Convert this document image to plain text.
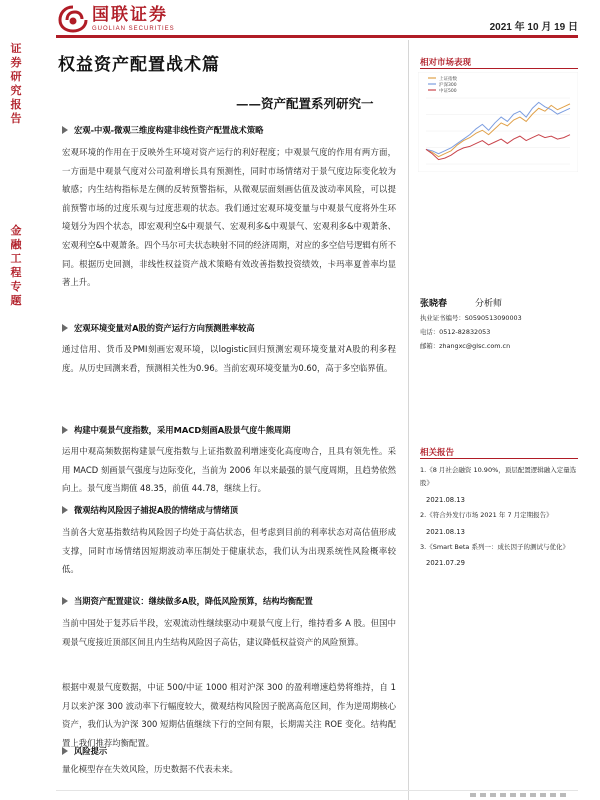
国联证券
GUOLIAN SECURITIES	2021 年 10 月 19 日
证
券
研
究
报
告
金
融
工
程
专
题
权益资产配置战术篇
——资产配置系列研究一
宏观-中观-微观三维度构建非线性资产配置战术策略
宏观环境的作用在于反映外生环境对资产运行的利好程度；中观景气度的作用有两方面，一方面是中观景气度对公司盈利增长具有预测性，同时市场情绪对于景气度边际变化较为敏感；内生结构指标是左侧的反转预警指标，从微观层面刻画估值及波动率风险，可以提前预警市场的过度乐观与过度悲观的状态。我们通过宏观环境变量与中观景气度将外生环境划分为四个状态，即宏观利空&中观景气、宏观利多&中观景气、宏观利多&中观萧条、宏观利空&中观萧条。四个马尔可夫状态映射不同的经济周期，对应的多空信号逻辑有所不同。根据历史回测，非线性权益资产战术策略有效改善指数投资绩效，卡玛率夏普率均显著上升。
宏观环境变量对A股的资产运行方向预测胜率较高
通过信用、货币及PMI刻画宏观环境，以logistic回归预测宏观环境变量对A股的利多程度。从历史回测来看，预测相关性为0.96。当前宏观环境变量为0.60，高于多空临界值。
构建中观景气度指数，采用MACD刻画A股景气度牛熊周期
运用中观高频数据构建景气度指数与上证指数盈利增速变化高度吻合，且具有领先性。采用 MACD 刻画景气强度与边际变化，当前为 2006 年以来最强的景气度周期，且趋势依然向上。景气度当期值 48.35，前值 44.78，继续上行。
微观结构风险因子捕捉A股的情绪成与情绪顶
当前各大宽基指数结构风险因子均处于高估状态，但考虑到目前的利率状态对高估值形成支撑，同时市场情绪因短期波动率压制处于健康状态，我们认为出现系统性风险概率较低。
当期资产配置建议：继续做多A股，降低风险预算，结构均衡配置
当前中国处于复苏后半段，宏观流动性继续驱动中观景气度上行，维持看多 A 股。但国中观景气度接近顶部区间且内生结构风险因子高估，建议降低权益资产的风险预算。
根据中观景气度数据，中证 500/中证 1000 相对沪深 300 的盈利增速趋势将维持，自 1 月以来沪深 300 波动率下行幅度较大，微观结构风险因子脱离高危区间，作为逆周期核心资产，我们认为沪深 300 短期估值继续下行的空间有限，长期需关注 ROE 变化。结构配置上我们推荐均衡配置。
风险提示
量化模型存在失效风险，历史数据不代表未来。
相对市场表现
上证指数
沪深300
中证500
张晓春	分析师
执业证书编号：S0590513090003
电话：0512-82832053
邮箱：zhangxc@glsc.com.cn
相关报告
1.《8 月社会融资 10.90%，顶层配置逻辑融入定量选股》
2021.08.13
2.《符合外发行市场 2021 年 7 月定期报告》
2021.08.13
3.《Smart Beta 系列一：成长因子的测试与优化》
2021.07.29
